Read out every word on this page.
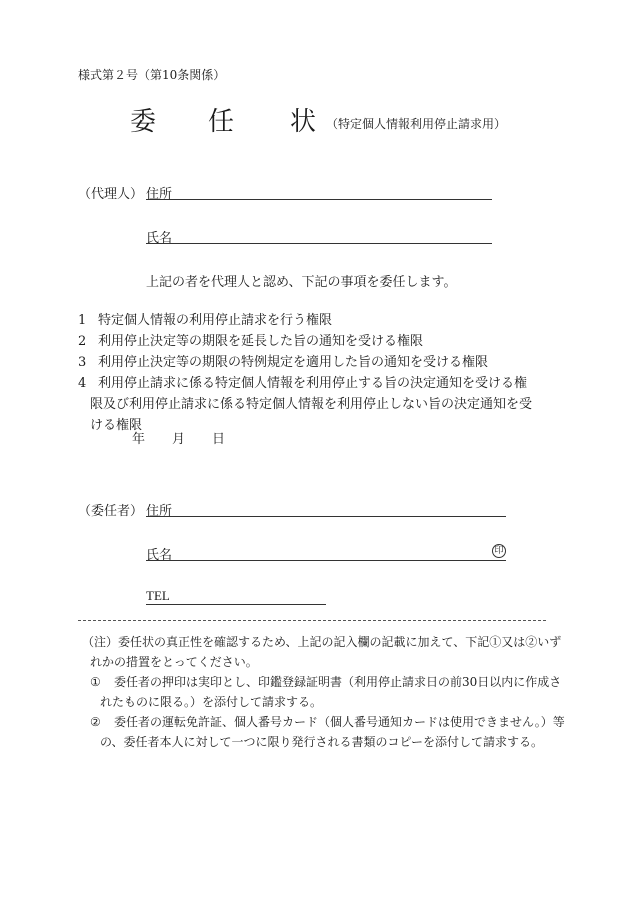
様式第２号（第10条関係）
委 任 状 （特定個人情報利用停止請求用）
（代理人） 住所
氏名
上記の者を代理人と認め、下記の事項を委任します。
1 特定個人情報の利用停止請求を行う権限
2 利用停止決定等の期限を延長した旨の通知を受ける権限
3 利用停止決定等の期限の特例規定を適用した旨の通知を受ける権限
4 利用停止請求に係る特定個人情報を利用停止する旨の決定通知を受ける権
限及び利用停止請求に係る特定個人情報を利用停止しない旨の決定通知を受
ける権限
年 月 日
（委任者） 住所
氏名	印
TEL
（注）委任状の真正性を確認するため、上記の記入欄の記載に加えて、下記①又は②いず
れかの措置をとってください。
① 委任者の押印は実印とし、印鑑登録証明書（利用停止請求日の前30日以内に作成さ
れたものに限る。）を添付して請求する。
② 委任者の運転免許証、個人番号カード（個人番号通知カードは使用できません。）等
の、委任者本人に対して一つに限り発行される書類のコピーを添付して請求する。
